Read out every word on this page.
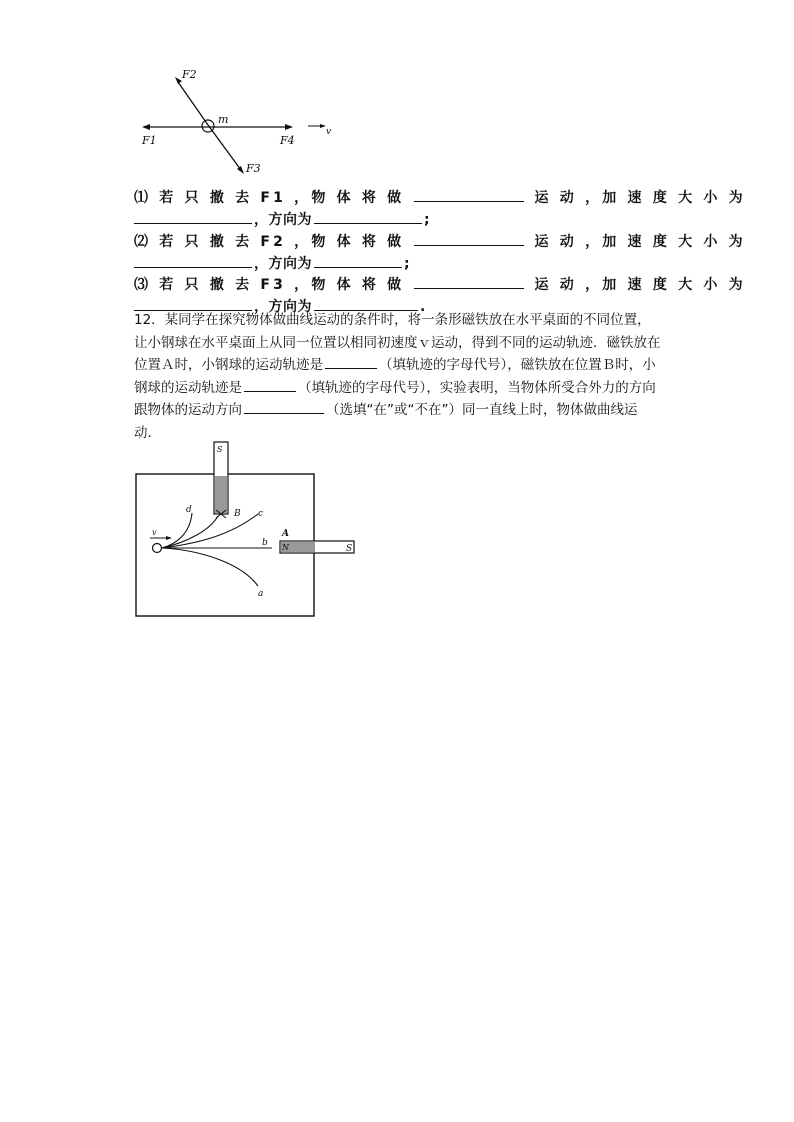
F2
F1
m
F4
F3
v
⑴ 若 只 撤 去 F1 ，物 体 将 做	运 动 ，加 速 度 大 小 为
，方向为	;
⑵ 若 只 撤 去 F2 ，物 体 将 做	运 动 ，加 速 度 大 小 为
，方向为	;
⑶ 若 只 撤 去 F3 ，物 体 将 做	运 动 ，加 速 度 大 小 为
，方向为	.
12．某同学在探究物体做曲线运动的条件时，将一条形磁铁放在水平桌面的不同位置，让小钢球在水平桌面上从同一位置以相同初速度ｖ运动，得到不同的运动轨迹．磁铁放在位置Ａ时，小钢球的运动轨迹是	（填轨迹的字母代号），磁铁放在位置Ｂ时，小钢球的运动轨迹是	（填轨迹的字母代号），实验表明，当物体所受合外力的方向跟物体的运动方向	（选填“在”或“不在”）同一直线上时，物体做曲线运动．
S
B
A
v
d	c
b
a
N	S
